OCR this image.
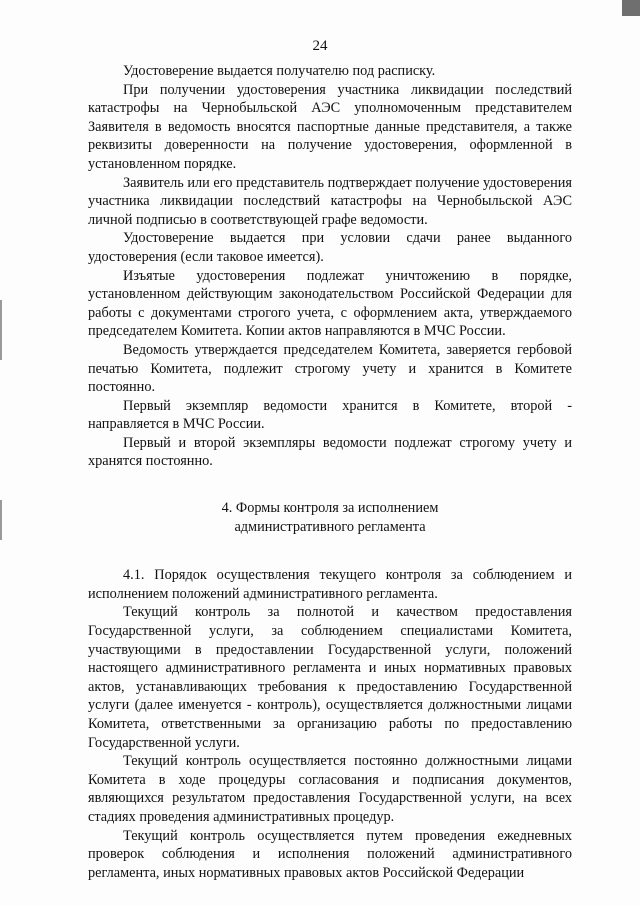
24

Удостоверение выдается получателю под расписку.

При получении удостоверения участника ликвидации последствий катастрофы на Чернобыльской АЭС уполномоченным представителем Заявителя в ведомость вносятся паспортные данные представителя, а также реквизиты доверенности на получение удостоверения, оформленной в установленном порядке.

Заявитель или его представитель подтверждает получение удостоверения участника ликвидации последствий катастрофы на Чернобыльской АЭС личной подписью в соответствующей графе ведомости.

Удостоверение выдается при условии сдачи ранее выданного удостоверения (если таковое имеется).

Изъятые удостоверения подлежат уничтожению в порядке, установленном действующим законодательством Российской Федерации для работы с документами строгого учета, с оформлением акта, утверждаемого председателем Комитета. Копии актов направляются в МЧС России.

Ведомость утверждается председателем Комитета, заверяется гербовой печатью Комитета, подлежит строгому учету и хранится в Комитете постоянно.

Первый экземпляр ведомости хранится в Комитете, второй - направляется в МЧС России.

Первый и второй экземпляры ведомости подлежат строгому учету и хранятся постоянно.

4. Формы контроля за исполнением
административного регламента

4.1. Порядок осуществления текущего контроля за соблюдением и исполнением положений административного регламента.

Текущий контроль за полнотой и качеством предоставления Государственной услуги, за соблюдением специалистами Комитета, участвующими в предоставлении Государственной услуги, положений настоящего административного регламента и иных нормативных правовых актов, устанавливающих требования к предоставлению Государственной услуги (далее именуется - контроль), осуществляется должностными лицами Комитета, ответственными за организацию работы по предоставлению Государственной услуги.

Текущий контроль осуществляется постоянно должностными лицами Комитета в ходе процедуры согласования и подписания документов, являющихся результатом предоставления Государственной услуги, на всех стадиях проведения административных процедур.

Текущий контроль осуществляется путем проведения ежедневных проверок соблюдения и исполнения положений административного регламента, иных нормативных правовых актов Российской Федерации
